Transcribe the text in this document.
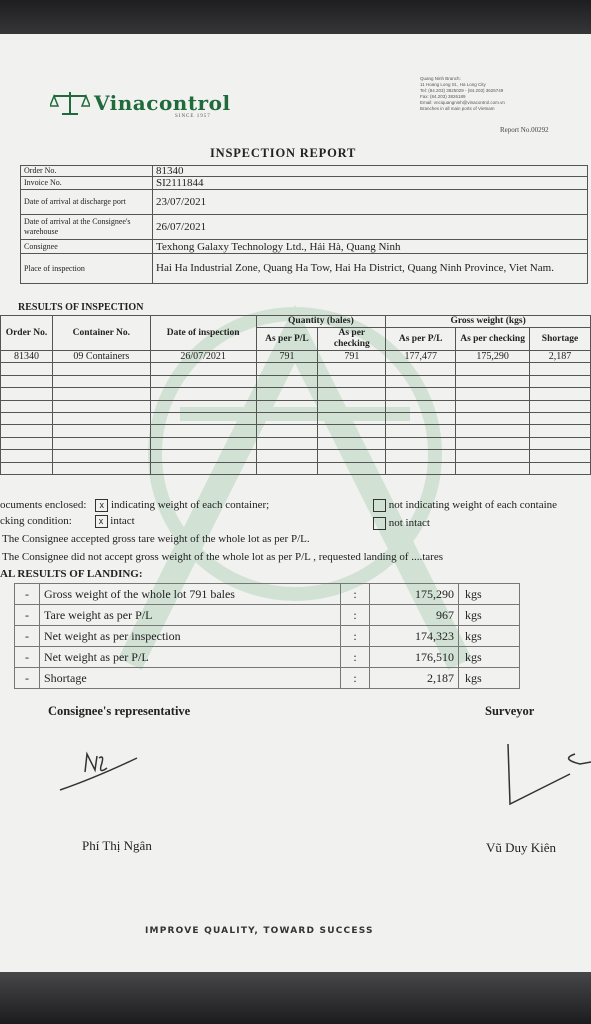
Vinacontrol
SINCE 1957
Quang Ninh Branch:
11 Hoang Long St., Ha Long City
Tel: (84.203) 3825029 - (84.203) 3625749
Fax: (84.203) 3826189
Email: vnciquangninh@vinacontrol.com.vn
Branches in all main ports of Vietnam
Report No.00292
INSPECTION REPORT
Order No.	81340
Invoice No.	SI2111844
Date of arrival at discharge port	23/07/2021
Date of arrival at the Consignee's warehouse	26/07/2021
Consignee	Texhong Galaxy Technology Ltd., Hải Hà, Quang Ninh
Place of inspection	Hai Ha Industrial Zone, Quang Ha Tow, Hai Ha District, Quang Ninh Province, Viet Nam.
RESULTS OF INSPECTION
Order No.	Container No.	Date of inspection	Quantity (bales)		Gross weight (kgs)		
			As per P/L	As per checking	As per P/L	As per checking	Shortage
81340	09 Containers	26/07/2021	791	791	177,477	175,290	2,187

ocuments enclosed: x indicating weight of each container;	not indicating weight of each containe
cking condition:	x intact	not intact
The Consignee accepted gross tare weight of the whole lot as per P/L.
The Consignee did not accept gross weight of the whole lot as per P/L , requested landing of ....tares
AL RESULTS OF LANDING:
-	Gross weight of the whole lot 791 bales	:	175,290	kgs
-	Tare weight as per P/L	:	967	kgs
-	Net weight as per inspection	:	174,323	kgs
-	Net weight as per P/L	:	176,510	kgs
-	Shortage	:	2,187	kgs
Consignee's representative	Surveyor
Phí Thị Ngân	Vũ Duy Kiên
IMPROVE QUALITY, TOWARD SUCCESS
